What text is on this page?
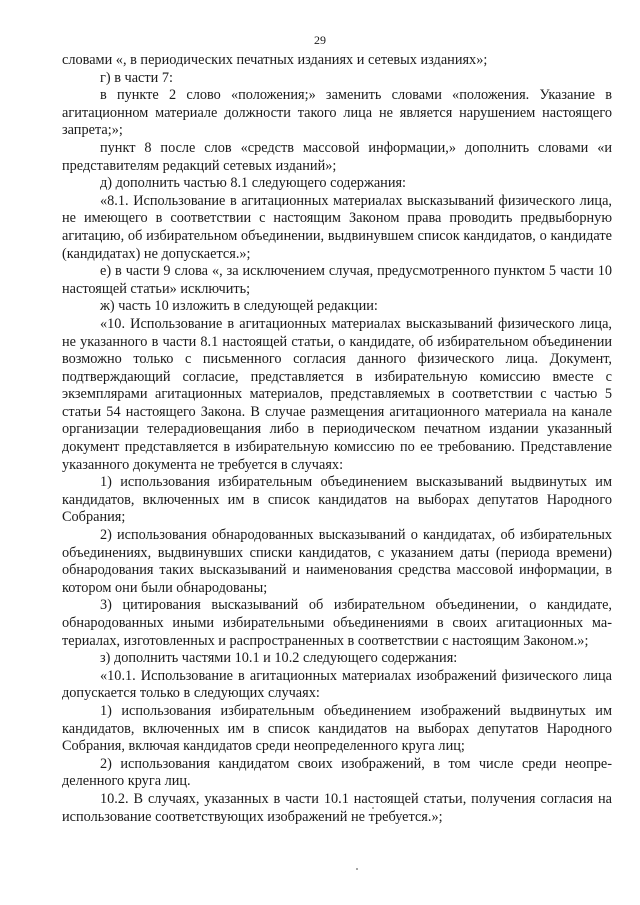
29

словами «, в периодических печатных изданиях и сетевых изданиях»;

г) в части 7:

в пункте 2 слово «положения;» заменить словами «положения. Указание в агитационном материале должности такого лица не является нарушением настоящего запрета;»;

пункт 8 после слов «средств массовой информации,» дополнить словами «и представителям редакций сетевых изданий»;

д) дополнить частью 8.1 следующего содержания:

«8.1. Использование в агитационных материалах высказываний физического лица, не имеющего в соответствии с настоящим Законом права проводить предвыборную агитацию, об избирательном объединении, выдвинувшем список кандидатов, о кандидате (кандидатах) не допускается.»;

е) в части 9 слова «, за исключением случая, предусмотренного пунктом 5 части 10 настоящей статьи» исключить;

ж) часть 10 изложить в следующей редакции:

«10. Использование в агитационных материалах высказываний физического лица, не указанного в части 8.1 настоящей статьи, о кандидате, об избирательном объединении возможно только с письменного согласия данного физического лица. Документ, подтверждающий согласие, представляется в избирательную комиссию вместе с экземплярами агитационных материалов, представляемых в соответствии с частью 5 статьи 54 настоящего Закона. В случае размещения агитационного материала на канале организации телерадиовещания либо в периодическом печатном издании указанный документ представляется в избирательную комиссию по ее требованию. Представление указанного документа не требуется в случаях:

1) использования избирательным объединением высказываний выдвинутых им кандидатов, включенных им в список кандидатов на выборах депутатов Народного Собрания;

2) использования обнародованных высказываний о кандидатах, об избирательных объединениях, выдвинувших списки кандидатов, с указанием даты (периода времени) обнародования таких высказываний и наименования средства массовой информации, в котором они были обнародованы;

3) цитирования высказываний об избирательном объединении, о кандидате, обнародованных иными избирательными объединениями в своих агитационных материалах, изготовленных и распространенных в соответствии с настоящим Законом.»;

з) дополнить частями 10.1 и 10.2 следующего содержания:

«10.1. Использование в агитационных материалах изображений физического лица допускается только в следующих случаях:

1) использования избирательным объединением изображений выдвинутых им кандидатов, включенных им в список кандидатов на выборах депутатов Народного Собрания, включая кандидатов среди неопределенного круга лиц;

2) использования кандидатом своих изображений, в том числе среди неопределенного круга лиц.

10.2. В случаях, указанных в части 10.1 настоящей статьи, получения согласия на использование соответствующих изображений не требуется.»;
